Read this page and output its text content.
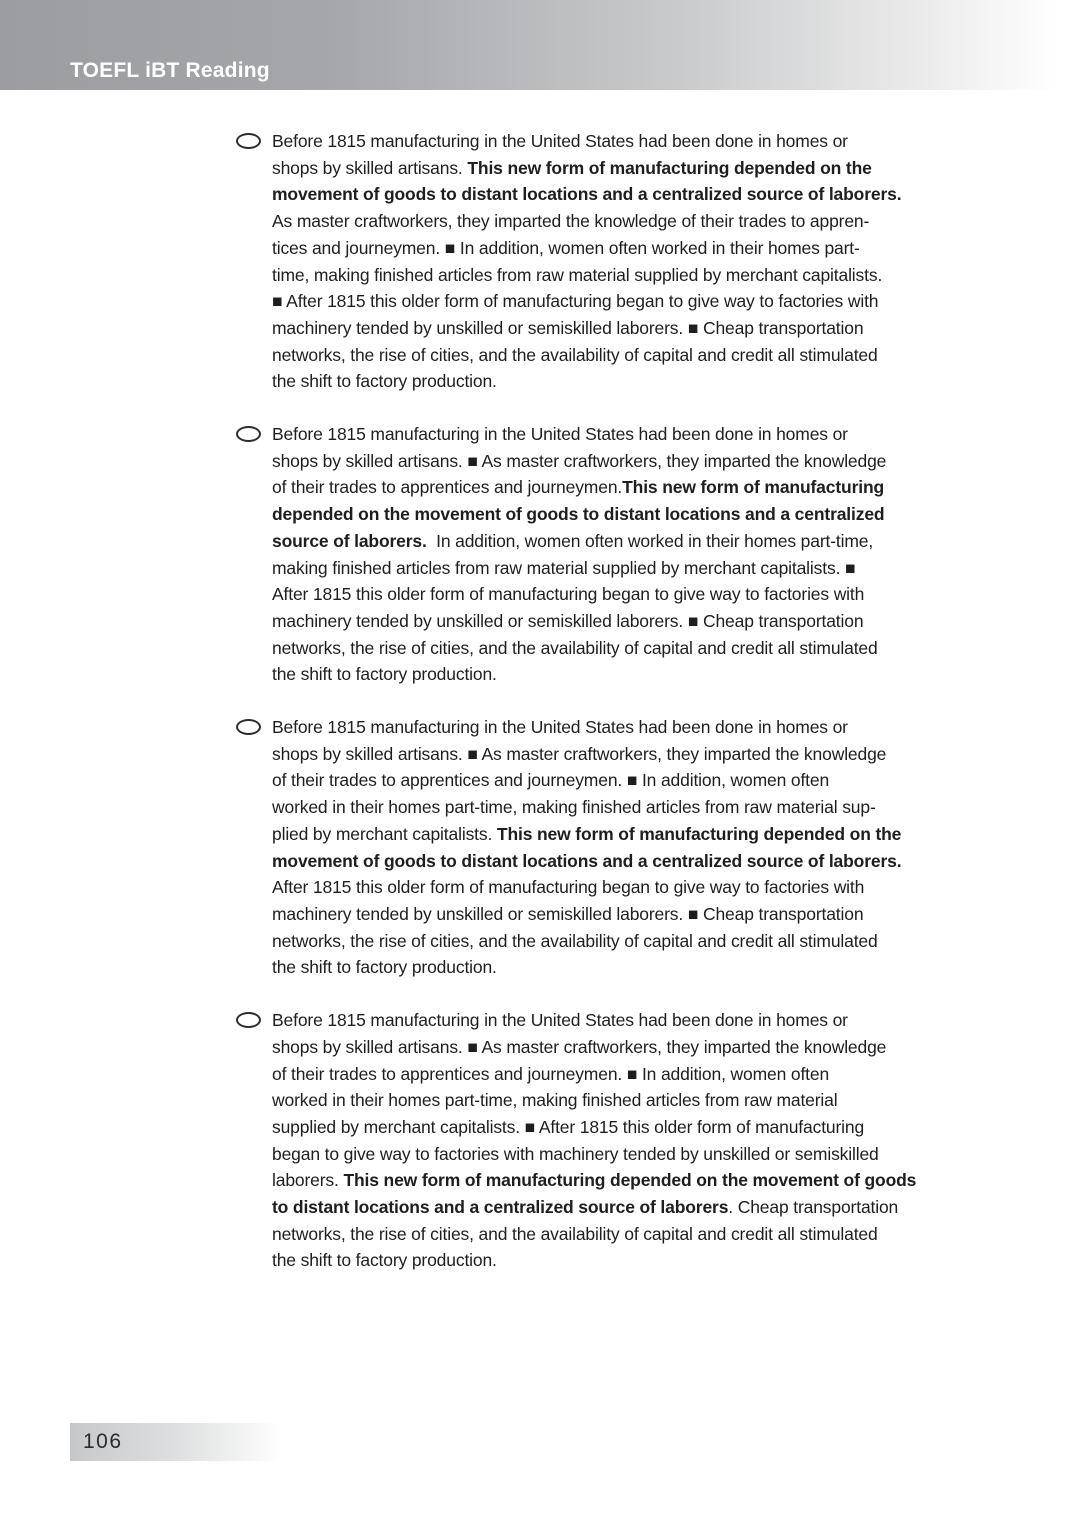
TOEFL iBT Reading
Before 1815 manufacturing in the United States had been done in homes or
shops by skilled artisans. This new form of manufacturing depended on the
movement of goods to distant locations and a centralized source of laborers.
As master craftworkers, they imparted the knowledge of their trades to appren-
tices and journeymen. ■ In addition, women often worked in their homes part-
time, making finished articles from raw material supplied by merchant capitalists.
■ After 1815 this older form of manufacturing began to give way to factories with
machinery tended by unskilled or semiskilled laborers. ■ Cheap transportation
networks, the rise of cities, and the availability of capital and credit all stimulated
the shift to factory production.
Before 1815 manufacturing in the United States had been done in homes or
shops by skilled artisans. ■ As master craftworkers, they imparted the knowledge
of their trades to apprentices and journeymen.This new form of manufacturing
depended on the movement of goods to distant locations and a centralized
source of laborers.  In addition, women often worked in their homes part-time,
making finished articles from raw material supplied by merchant capitalists. ■
After 1815 this older form of manufacturing began to give way to factories with
machinery tended by unskilled or semiskilled laborers. ■ Cheap transportation
networks, the rise of cities, and the availability of capital and credit all stimulated
the shift to factory production.
Before 1815 manufacturing in the United States had been done in homes or
shops by skilled artisans. ■ As master craftworkers, they imparted the knowledge
of their trades to apprentices and journeymen. ■ In addition, women often
worked in their homes part-time, making finished articles from raw material sup-
plied by merchant capitalists. This new form of manufacturing depended on the
movement of goods to distant locations and a centralized source of laborers.
After 1815 this older form of manufacturing began to give way to factories with
machinery tended by unskilled or semiskilled laborers. ■ Cheap transportation
networks, the rise of cities, and the availability of capital and credit all stimulated
the shift to factory production.
Before 1815 manufacturing in the United States had been done in homes or
shops by skilled artisans. ■ As master craftworkers, they imparted the knowledge
of their trades to apprentices and journeymen. ■ In addition, women often
worked in their homes part-time, making finished articles from raw material
supplied by merchant capitalists. ■ After 1815 this older form of manufacturing
began to give way to factories with machinery tended by unskilled or semiskilled
laborers. This new form of manufacturing depended on the movement of goods
to distant locations and a centralized source of laborers. Cheap transportation
networks, the rise of cities, and the availability of capital and credit all stimulated
the shift to factory production.
106
